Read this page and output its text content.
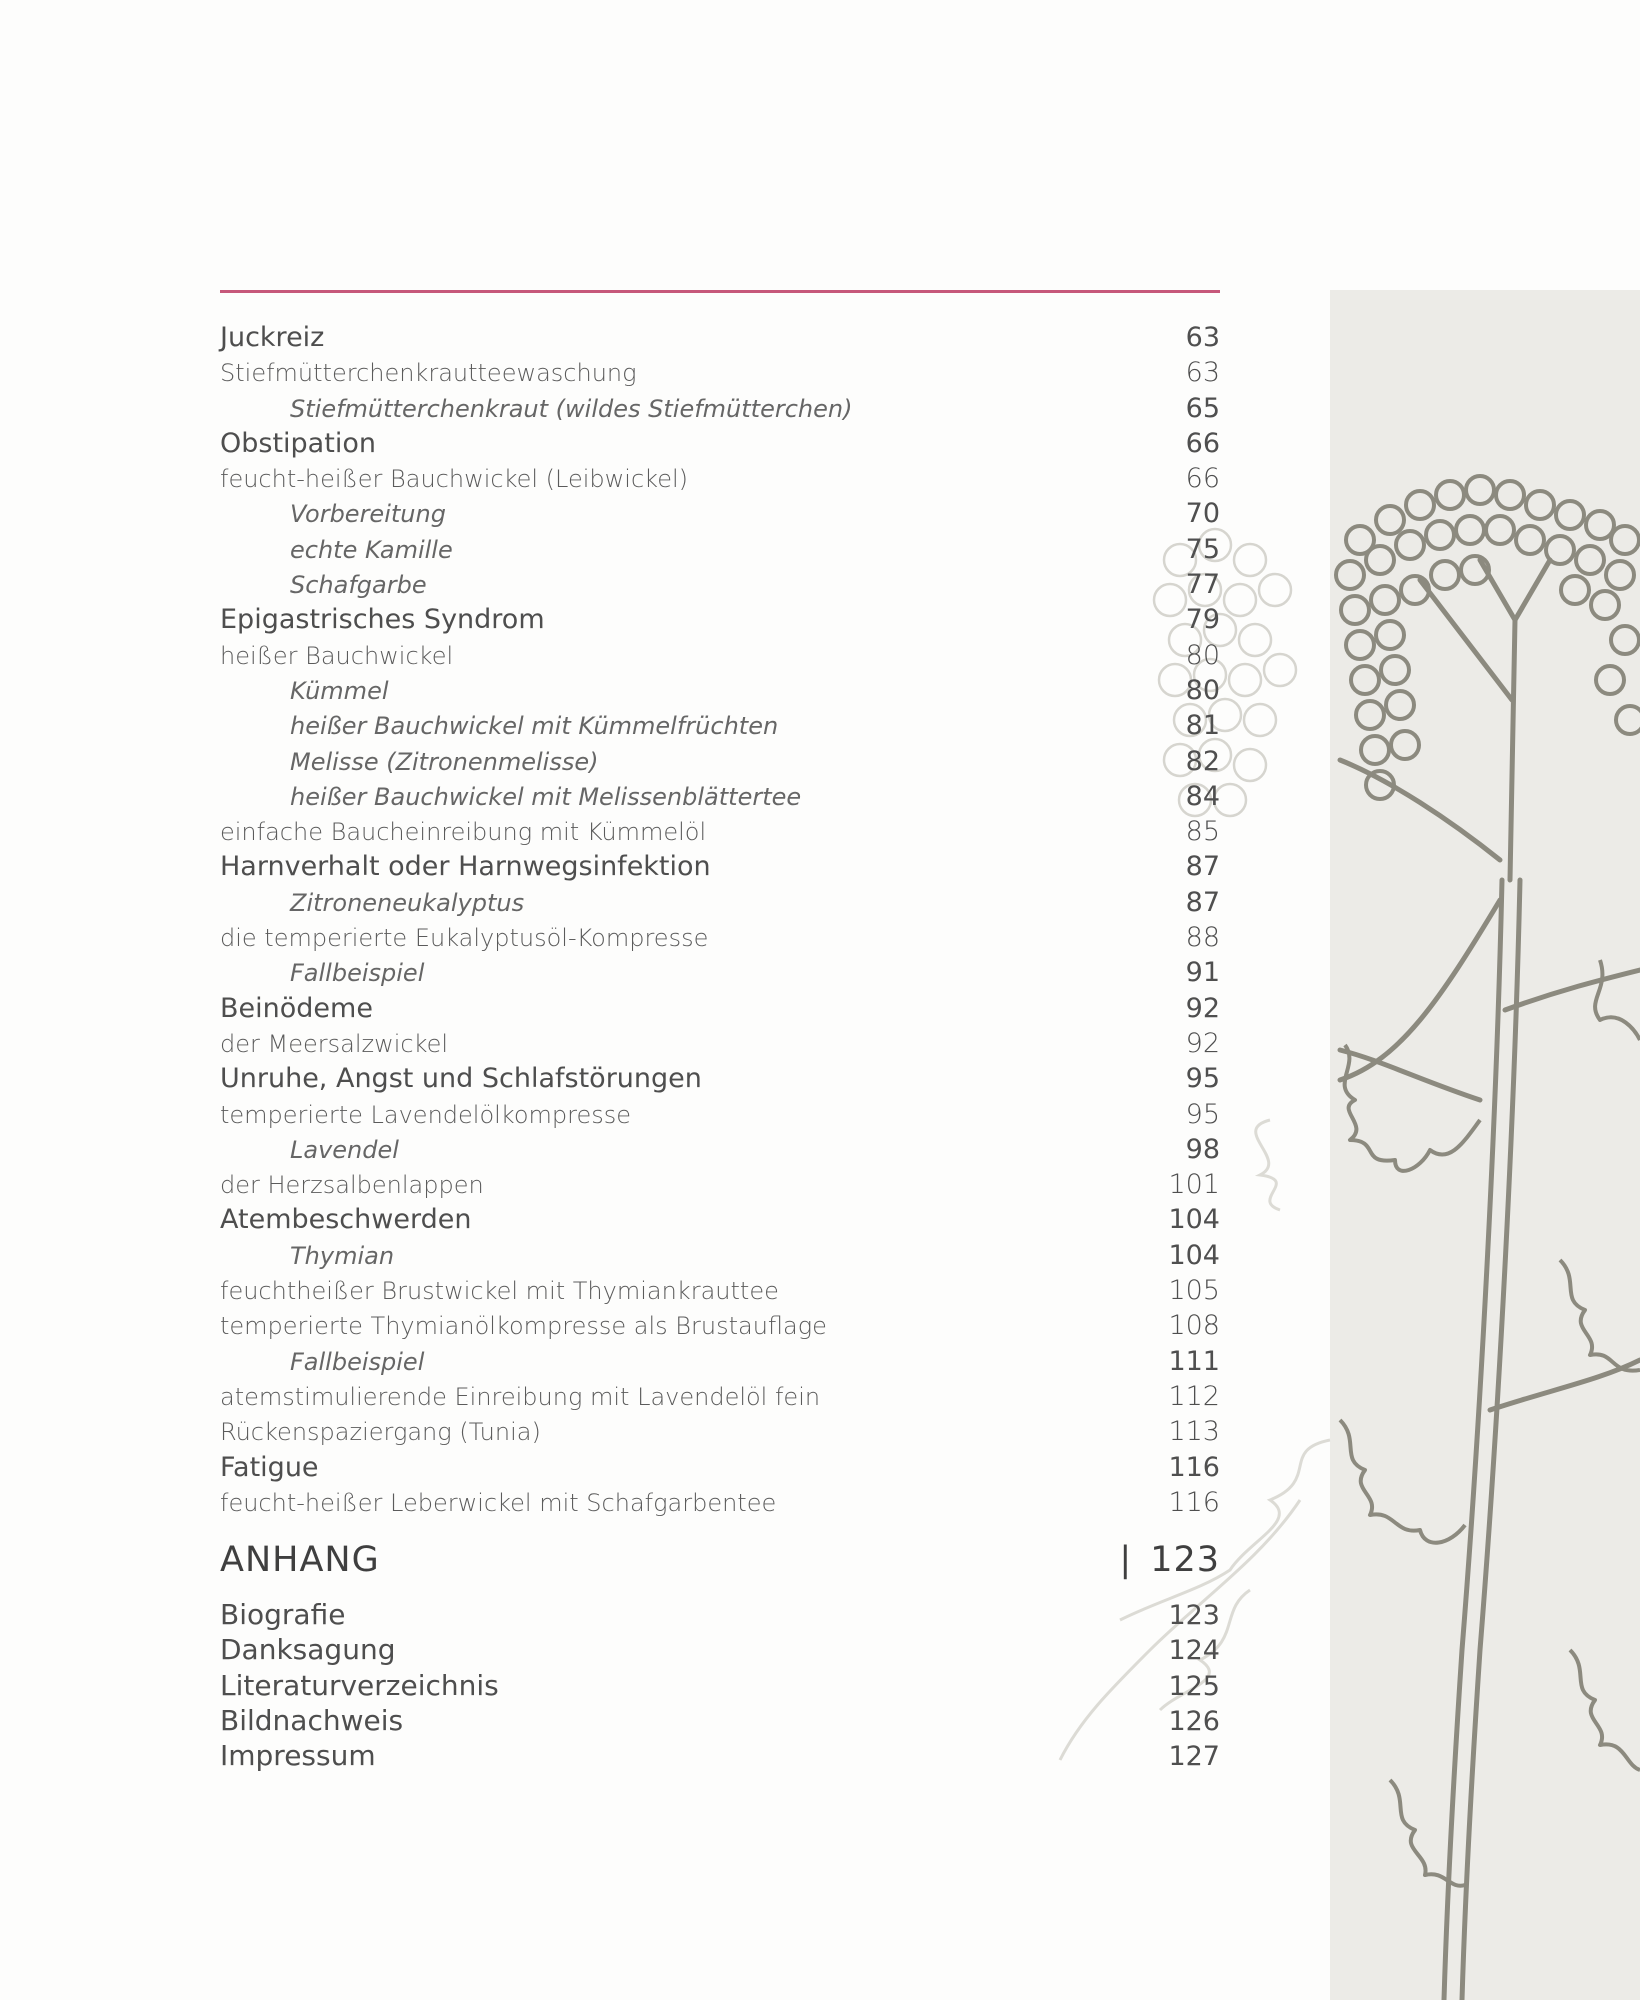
Juckreiz	63
Stiefmütterchenkrautteewaschung	63
Stiefmütterchenkraut (wildes Stiefmütterchen)	65
Obstipation	66
feucht-heißer Bauchwickel (Leibwickel)	66
Vorbereitung	70
echte Kamille	75
Schafgarbe	77
Epigastrisches Syndrom	79
heißer Bauchwickel	80
Kümmel	80
heißer Bauchwickel mit Kümmelfrüchten	81
Melisse (Zitronenmelisse)	82
heißer Bauchwickel mit Melissenblättertee	84
einfache Baucheinreibung mit Kümmelöl	85
Harnverhalt oder Harnwegsinfektion	87
Zitroneneukalyptus	87
die temperierte Eukalyptusöl-Kompresse	88
Fallbeispiel	91
Beinödeme	92
der Meersalzwickel	92
Unruhe, Angst und Schlafstörungen	95
temperierte Lavendelölkompresse	95
Lavendel	98
der Herzsalbenlappen	101
Atembeschwerden	104
Thymian	104
feuchtheißer Brustwickel mit Thymiankrauttee	105
temperierte Thymianölkompresse als Brustauflage	108
Fallbeispiel	111
atemstimulierende Einreibung mit Lavendelöl fein	112
Rückenspaziergang (Tunia)	113
Fatigue	116
feucht-heißer Leberwickel mit Schafgarbentee	116
ANHANG	| 123
Biografie	123
Danksagung	124
Literaturverzeichnis	125
Bildnachweis	126
Impressum	127
